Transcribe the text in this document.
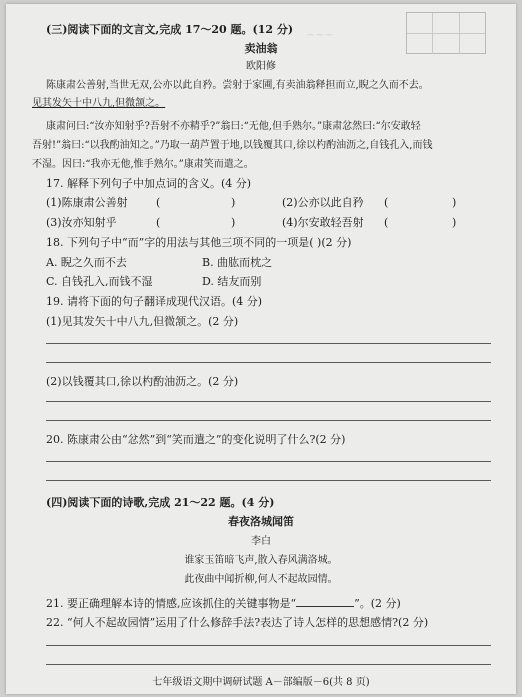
~~~
(三)阅读下面的文言文,完成 17～20 题。(12 分)
卖油翁
欧阳修
陈康肃公善射,当世无双,公亦以此自矜。尝射于家圃,有卖油翁释担而立,睨之久而不去。
见其发矢十中八九,但微颔之。
康肃问曰:“汝亦知射乎?吾射不亦精乎?”翁曰:“无他,但手熟尔。”康肃忿然曰:“尔安敢轻
吾射!”翁曰:“以我酌油知之。”乃取一葫芦置于地,以钱覆其口,徐以杓酌油沥之,自钱孔入,而钱
不湿。因曰:“我亦无他,惟手熟尔。”康肃笑而遣之。
17. 解释下列句子中加点词的含义。(4 分)
(1)陈康肃公善射	(	)	(2)公亦以此自矜 (	)
(3)汝亦知射乎	(	)	(4)尔安敢轻吾射 (	)
18. 下列句子中“而”字的用法与其他三项不同的一项是( )(2 分)
A. 睨之久而不去	B. 曲肱而枕之
C. 自钱孔入,而钱不湿	D. 结友而别
19. 请将下面的句子翻译成现代汉语。(4 分)
(1)见其发矢十中八九,但微颔之。(2 分)
(2)以钱覆其口,徐以杓酌油沥之。(2 分)
20. 陈康肃公由“忿然”到“笑而遣之”的变化说明了什么?(2 分)
(四)阅读下面的诗歌,完成 21～22 题。(4 分)
春夜洛城闻笛
李白
谁家玉笛暗飞声,散入春风满洛城。
此夜曲中闻折柳,何人不起故园情。
21. 要正确理解本诗的情感,应该抓住的关键事物是“	”。(2 分)
22. “何人不起故园情”运用了什么修辞手法?表达了诗人怎样的思想感情?(2 分)
七年级语文期中调研试题 A－部编版－6(共 8 页)
